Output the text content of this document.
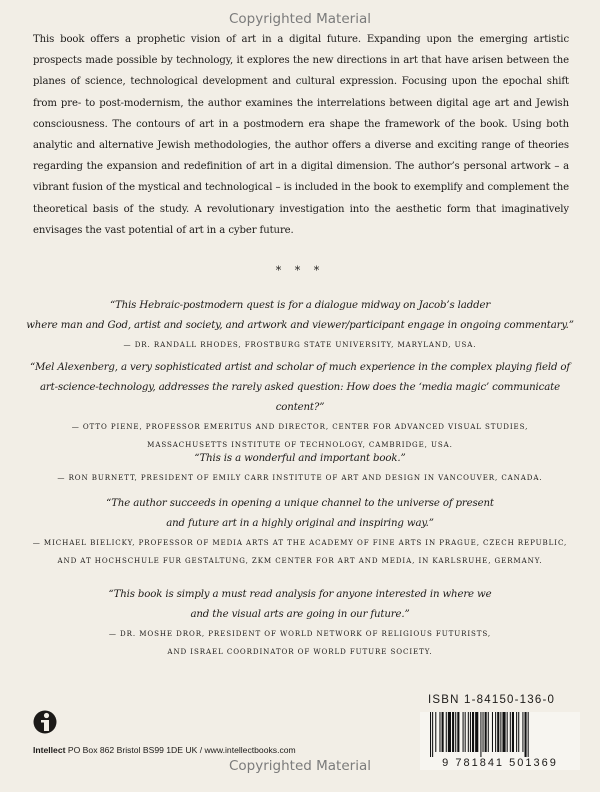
Copyrighted Material

This book offers a prophetic vision of art in a digital future. Expanding upon the emerging artistic prospects made possible by technology, it explores the new directions in art that have arisen between the planes of science, technological development and cultural expression. Focusing upon the epochal shift from pre- to post-modernism, the author examines the interrelations between digital age art and Jewish consciousness. The contours of art in a postmodern era shape the framework of the book. Using both analytic and alternative Jewish methodologies, the author offers a diverse and exciting range of theories regarding the expansion and redefinition of art in a digital dimension. The author’s personal artwork – a vibrant fusion of the mystical and technological – is included in the book to exemplify and complement the theoretical basis of the study. A revolutionary investigation into the aesthetic form that imaginatively envisages the vast potential of art in a cyber future.

* * *

“This Hebraic-postmodern quest is for a dialogue midway on Jacob’s ladder

where man and God, artist and society, and artwork and viewer/participant engage in ongoing commentary.”

— DR. RANDALL RHODES, FROSTBURG STATE UNIVERSITY, MARYLAND, USA.

“Mel Alexenberg, a very sophisticated artist and scholar of much experience in the complex playing field of

art-science-technology, addresses the rarely asked question: How does the ‘media magic’ communicate content?”

— OTTO PIENE, PROFESSOR EMERITUS AND DIRECTOR, CENTER FOR ADVANCED VISUAL STUDIES,

MASSACHUSETTS INSTITUTE OF TECHNOLOGY, CAMBRIDGE, USA.

“This is a wonderful and important book.”

— RON BURNETT, PRESIDENT OF EMILY CARR INSTITUTE OF ART AND DESIGN IN VANCOUVER, CANADA.

“The author succeeds in opening a unique channel to the universe of present

and future art in a highly original and inspiring way.”

— MICHAEL BIELICKY, PROFESSOR OF MEDIA ARTS AT THE ACADEMY OF FINE ARTS IN PRAGUE, CZECH REPUBLIC,

AND AT HOCHSCHULE FUR GESTALTUNG, ZKM CENTER FOR ART AND MEDIA, IN KARLSRUHE, GERMANY.

“This book is simply a must read analysis for anyone interested in where we

and the visual arts are going in our future.”

— DR. MOSHE DROR, PRESIDENT OF WORLD NETWORK OF RELIGIOUS FUTURISTS,

AND ISRAEL COORDINATOR OF WORLD FUTURE SOCIETY.

Intellect PO Box 862 Bristol BS99 1DE UK / www.intellectbooks.com
ISBN 1-84150-136-0
9 781841 501369
Copyrighted Material
